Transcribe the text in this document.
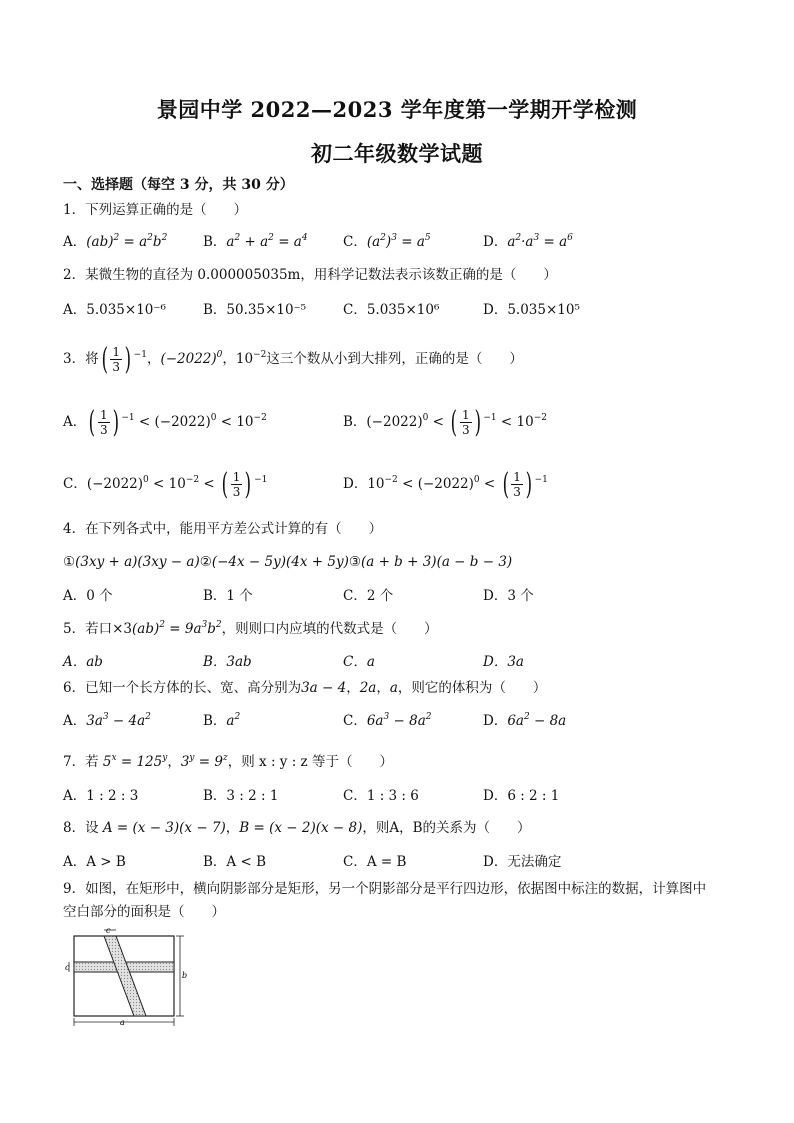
景园中学 2022—2023 学年度第一学期开学检测
初二年级数学试题
一、选择题（每空 3 分，共 30 分）
1．下列运算正确的是（　　）
A．$(ab)^2 = a^2b^2$	B．$a^2 + a^2 = a^4$	C．$(a^2)^3 = a^5$	D．$a^2\cdot a^3 = a^6$
2．某微生物的直径为 0.000005035m，用科学记数法表示该数正确的是（　　）
A．5.035×10⁻⁶	B．50.35×10⁻⁵	C．5.035×10⁶	D．5.035×10⁵
3．将( $\frac{1}{3}$ ) $^{-1}$，$(-2022)^0$，$10^{-2}$这三个数从小到大排列，正确的是（　　）
A．( $\frac{1}{3}$ ) $^{-1} < (-2022)^0 < 10^{-2}$	B．$(-2022)^0$ < ( $\frac{1}{3}$ ) $^{-1} < 10^{-2}$
C．$(-2022)^0 < 10^{-2}$ < ( $\frac{1}{3}$ ) $^{-1}$	D．$10^{-2} < (-2022)^0$ < ( $\frac{1}{3}$ ) $^{-1}$
4．在下列各式中，能用平方差公式计算的有（　　）
①(3xy + a)(3xy − a)②(−4x − 5y)(4x + 5y)③(a + b + 3)(a − b − 3)
A．0 个	B．1 个	C．2 个	D．3 个
5．若口$\times 3(ab)^2 = 9a^3b^2$，则则口内应填的代数式是（　　）
A．ab	B．3ab	C．a	D．3a
6．已知一个长方体的长、宽、高分别为3a − 4，2a，a，则它的体积为（　　）
A．$3a^3 - 4a^2$	B．$a^2$	C．$6a^3 - 8a^2$	D．$6a^2 - 8a$
7．若 $5^x = 125^y$，$3^y = 9^z$，则 x : y : z 等于（　　）
A．1 : 2 : 3	B．3 : 2 : 1	C．1 : 3 : 6	D．6 : 2 : 1
8．设 A = (x − 3)(x − 7)，B = (x − 2)(x − 8)，则A，B的关系为（　　）
A．A > B	B．A < B	C．A = B	D．无法确定
9．如图，在矩形中，横向阴影部分是矩形，另一个阴影部分是平行四边形，依据图中标注的数据，计算图中
空白部分的面积是（　　）
c
c
b
a
